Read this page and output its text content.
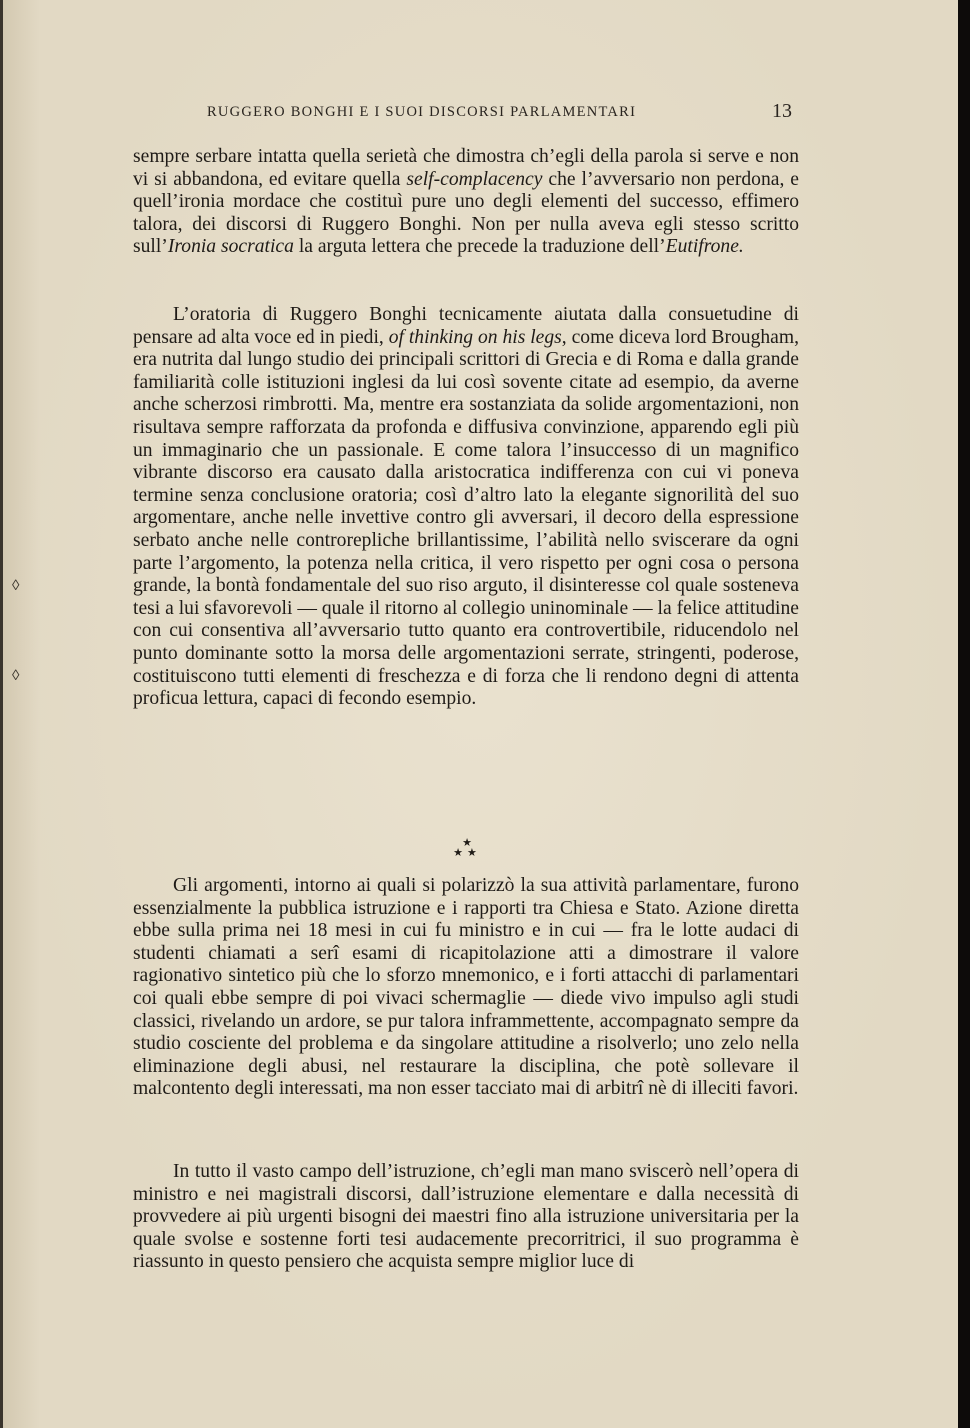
◊
◊
RUGGERO BONGHI E I SUOI DISCORSI PARLAMENTARI	13

sempre serbare intatta quella serietà che dimostra ch’egli della parola si serve e non vi si abbandona, ed evitare quella self-complacency che l’avversario non perdona, e quell’ironia mordace che costituì pure uno degli elementi del successo, effimero talora, dei discorsi di Ruggero Bonghi. Non per nulla aveva egli stesso scritto sull’Ironia socratica la arguta lettera che precede la traduzione dell’Eutifrone.

L’oratoria di Ruggero Bonghi tecnicamente aiutata dalla consuetudine di pensare ad alta voce ed in piedi, of thinking on his legs, come diceva lord Brougham, era nutrita dal lungo studio dei principali scrittori di Grecia e di Roma e dalla grande familiarità colle istituzioni inglesi da lui così sovente citate ad esempio, da averne anche scherzosi rimbrotti. Ma, mentre era sostanziata da solide argomentazioni, non risultava sempre rafforzata da profonda e diffusiva convinzione, apparendo egli più un immaginario che un passionale. E come talora l’insuccesso di un magnifico vibrante discorso era causato dalla aristocratica indifferenza con cui vi poneva termine senza conclusione oratoria; così d’altro lato la elegante signorilità del suo argomentare, anche nelle invettive contro gli avversari, il decoro della espressione serbato anche nelle controrepliche brillantissime, l’abilità nello sviscerare da ogni parte l’argomento, la potenza nella critica, il vero rispetto per ogni cosa o persona grande, la bontà fondamentale del suo riso arguto, il disinteresse col quale sosteneva tesi a lui sfavorevoli — quale il ritorno al collegio uninominale — la felice attitudine con cui consentiva all’avversario tutto quanto era controvertibile, riducendolo nel punto dominante sotto la morsa delle argomentazioni serrate, stringenti, poderose, costituiscono tutti elementi di freschezza e di forza che li rendono degni di attenta proficua lettura, capaci di fecondo esempio.

★
★★

Gli argomenti, intorno ai quali si polarizzò la sua attività parlamentare, furono essenzialmente la pubblica istruzione e i rapporti tra Chiesa e Stato. Azione diretta ebbe sulla prima nei 18 mesi in cui fu ministro e in cui — fra le lotte audaci di studenti chiamati a serî esami di ricapitolazione atti a dimostrare il valore ragionativo sintetico più che lo sforzo mnemonico, e i forti attacchi di parlamentari coi quali ebbe sempre di poi vivaci schermaglie — diede vivo impulso agli studi classici, rivelando un ardore, se pur talora inframmettente, accompagnato sempre da studio cosciente del problema e da singolare attitudine a risolverlo; uno zelo nella eliminazione degli abusi, nel restaurare la disciplina, che potè sollevare il malcontento degli interessati, ma non esser tacciato mai di arbitrî nè di illeciti favori.

In tutto il vasto campo dell’istruzione, ch’egli man mano sviscerò nell’opera di ministro e nei magistrali discorsi, dall’istruzione elementare e dalla necessità di provvedere ai più urgenti bisogni dei maestri fino alla istruzione universitaria per la quale svolse e sostenne forti tesi audacemente precorritrici, il suo programma è riassunto in questo pensiero che acquista sempre miglior luce di
